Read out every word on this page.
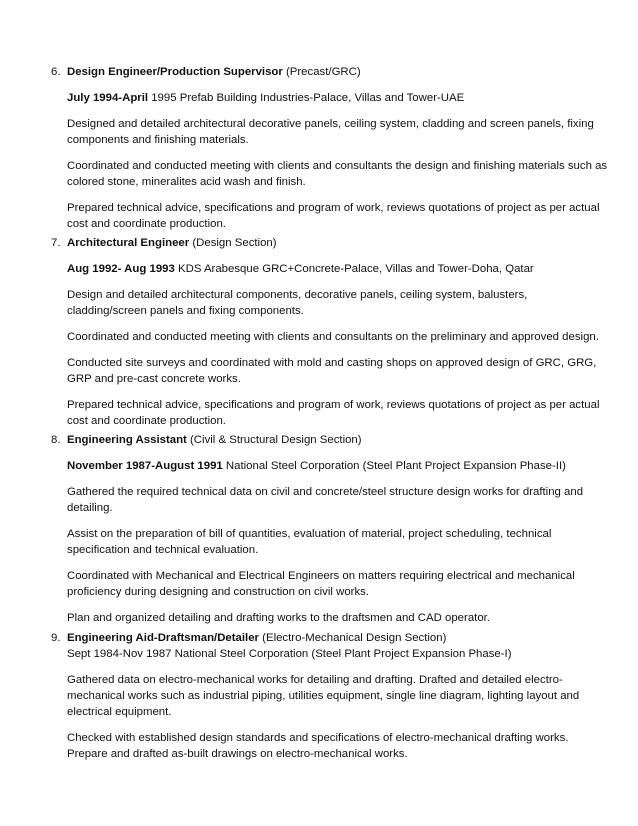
6. Design Engineer/Production Supervisor (Precast/GRC)
July 1994-April 1995 Prefab Building Industries-Palace, Villas and Tower-UAE
Designed and detailed architectural decorative panels, ceiling system, cladding and screen panels, fixing components and finishing materials.
Coordinated and conducted meeting with clients and consultants the design and finishing materials such as colored stone, mineralites acid wash and finish.
Prepared technical advice, specifications and program of work, reviews quotations of project as per actual cost and coordinate production.
7. Architectural Engineer (Design Section)
Aug 1992- Aug 1993 KDS Arabesque GRC+Concrete-Palace, Villas and Tower-Doha, Qatar
Design and detailed architectural components, decorative panels, ceiling system, balusters, cladding/screen panels and fixing components.
Coordinated and conducted meeting with clients and consultants on the preliminary and approved design.
Conducted site surveys and coordinated with mold and casting shops on approved design of GRC, GRG, GRP and pre-cast concrete works.
Prepared technical advice, specifications and program of work, reviews quotations of project as per actual cost and coordinate production.
8. Engineering Assistant (Civil & Structural Design Section)
November 1987-August 1991 National Steel Corporation (Steel Plant Project Expansion Phase-II)
Gathered the required technical data on civil and concrete/steel structure design works for drafting and detailing.
Assist on the preparation of bill of quantities, evaluation of material, project scheduling, technical specification and technical evaluation.
Coordinated with Mechanical and Electrical Engineers on matters requiring electrical and mechanical proficiency during designing and construction on civil works.
Plan and organized detailing and drafting works to the draftsmen and CAD operator.
9. Engineering Aid-Draftsman/Detailer (Electro-Mechanical Design Section)
Sept 1984-Nov 1987 National Steel Corporation (Steel Plant Project Expansion Phase-I)
Gathered data on electro-mechanical works for detailing and drafting. Drafted and detailed electro-mechanical works such as industrial piping, utilities equipment, single line diagram, lighting layout and electrical equipment.
Checked with established design standards and specifications of electro-mechanical drafting works. Prepare and drafted as-built drawings on electro-mechanical works.
